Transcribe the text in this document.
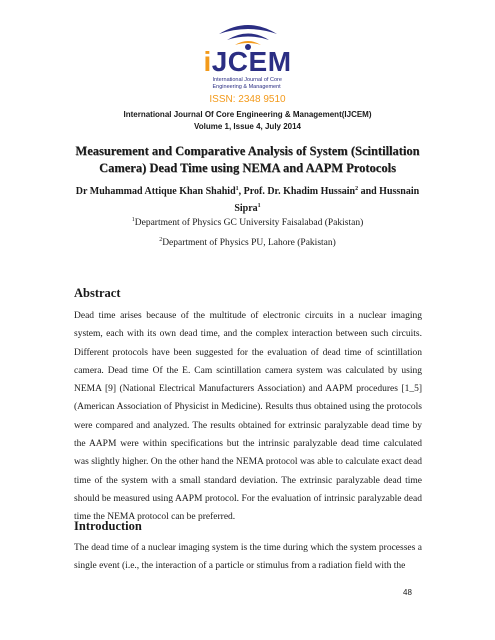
iJCEM
International Journal of Core
Engineering & Management
ISSN: 2348 9510
International Journal Of Core Engineering & Management(IJCEM)
Volume 1, Issue 4, July 2014
Measurement and Comparative Analysis of System (Scintillation Camera) Dead Time using NEMA and AAPM Protocols
Dr Muhammad Attique Khan Shahid$^1$, Prof. Dr. Khadim Hussain$^2$ and Hussnain Sipra$^1$
$^1$Department of Physics GC University Faisalabad (Pakistan)
$^2$Department of Physics PU, Lahore (Pakistan)
Abstract
Dead time arises because of the multitude of electronic circuits in a nuclear imaging system, each with its own dead time, and the complex interaction between such circuits. Different protocols have been suggested for the evaluation of dead time of scintillation camera. Dead time Of the E. Cam scintillation camera system was calculated by using NEMA [9] (National Electrical Manufacturers Association) and AAPM procedures [1_5] (American Association of Physicist in Medicine). Results thus obtained using the protocols were compared and analyzed. The results obtained for extrinsic paralyzable dead time by the AAPM were within specifications but the intrinsic paralyzable dead time calculated was slightly higher. On the other hand the NEMA protocol was able to calculate exact dead time of the system with a small standard deviation. The extrinsic paralyzable dead time should be measured using AAPM protocol. For the evaluation of intrinsic paralyzable dead time the NEMA protocol can be preferred.
Introduction
The dead time of a nuclear imaging system is the time during which the system processes a single event (i.e., the interaction of a particle or stimulus from a radiation field with the
48
